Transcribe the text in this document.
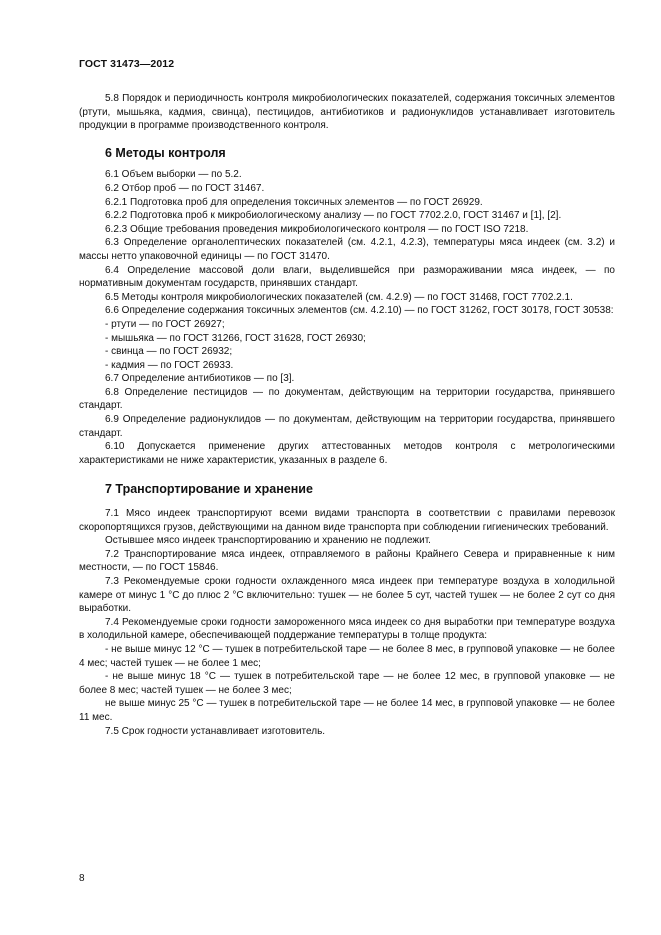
ГОСТ 31473—2012

5.8 Порядок и периодичность контроля микробиологических показателей, содержания токсичных элементов (ртути, мышьяка, кадмия, свинца), пестицидов, антибиотиков и радионуклидов устанавливает изготовитель продукции в программе производственного контроля.

6 Методы контроля

6.1 Объем выборки — по 5.2.

6.2 Отбор проб — по ГОСТ 31467.

6.2.1 Подготовка проб для определения токсичных элементов — по ГОСТ 26929.

6.2.2 Подготовка проб к микробиологическому анализу — по ГОСТ 7702.2.0, ГОСТ 31467 и [1], [2].

6.2.3 Общие требования проведения микробиологического контроля — по ГОСТ ISO 7218.

6.3 Определение органолептических показателей (см. 4.2.1, 4.2.3), температуры мяса индеек (см. 3.2) и массы нетто упаковочной единицы — по ГОСТ 31470.

6.4 Определение массовой доли влаги, выделившейся при размораживании мяса индеек, — по нормативным документам государств, принявших стандарт.

6.5 Методы контроля микробиологических показателей (см. 4.2.9) — по ГОСТ 31468, ГОСТ 7702.2.1.

6.6 Определение содержания токсичных элементов (см. 4.2.10) — по ГОСТ 31262, ГОСТ 30178, ГОСТ 30538:

- ртути — по ГОСТ 26927;

- мышьяка — по ГОСТ 31266, ГОСТ 31628, ГОСТ 26930;

- свинца — по ГОСТ 26932;

- кадмия — по ГОСТ 26933.

6.7 Определение антибиотиков — по [3].

6.8 Определение пестицидов — по документам, действующим на территории государства, принявшего стандарт.

6.9 Определение радионуклидов — по документам, действующим на территории государства, принявшего стандарт.

6.10 Допускается применение других аттестованных методов контроля с метрологическими характеристиками не ниже характеристик, указанных в разделе 6.

7 Транспортирование и хранение

7.1 Мясо индеек транспортируют всеми видами транспорта в соответствии с правилами перевозок скоропортящихся грузов, действующими на данном виде транспорта при соблюдении гигиенических требований.

Остывшее мясо индеек транспортированию и хранению не подлежит.

7.2 Транспортирование мяса индеек, отправляемого в районы Крайнего Севера и приравненные к ним местности, — по ГОСТ 15846.

7.3 Рекомендуемые сроки годности охлажденного мяса индеек при температуре воздуха в холодильной камере от минус 1 °С до плюс 2 °С включительно: тушек — не более 5 сут, частей тушек — не более 2 сут со дня выработки.

7.4 Рекомендуемые сроки годности замороженного мяса индеек со дня выработки при температуре воздуха в холодильной камере, обеспечивающей поддержание температуры в толще продукта:

- не выше минус 12 °С — тушек в потребительской таре — не более 8 мес, в групповой упаковке — не более 4 мес; частей тушек — не более 1 мес;

- не выше минус 18 °С — тушек в потребительской таре — не более 12 мес, в групповой упаковке — не более 8 мес; частей тушек — не более 3 мес;

не выше минус 25 °С — тушек в потребительской таре — не более 14 мес, в групповой упаковке — не более 11 мес.

7.5 Срок годности устанавливает изготовитель.

8
